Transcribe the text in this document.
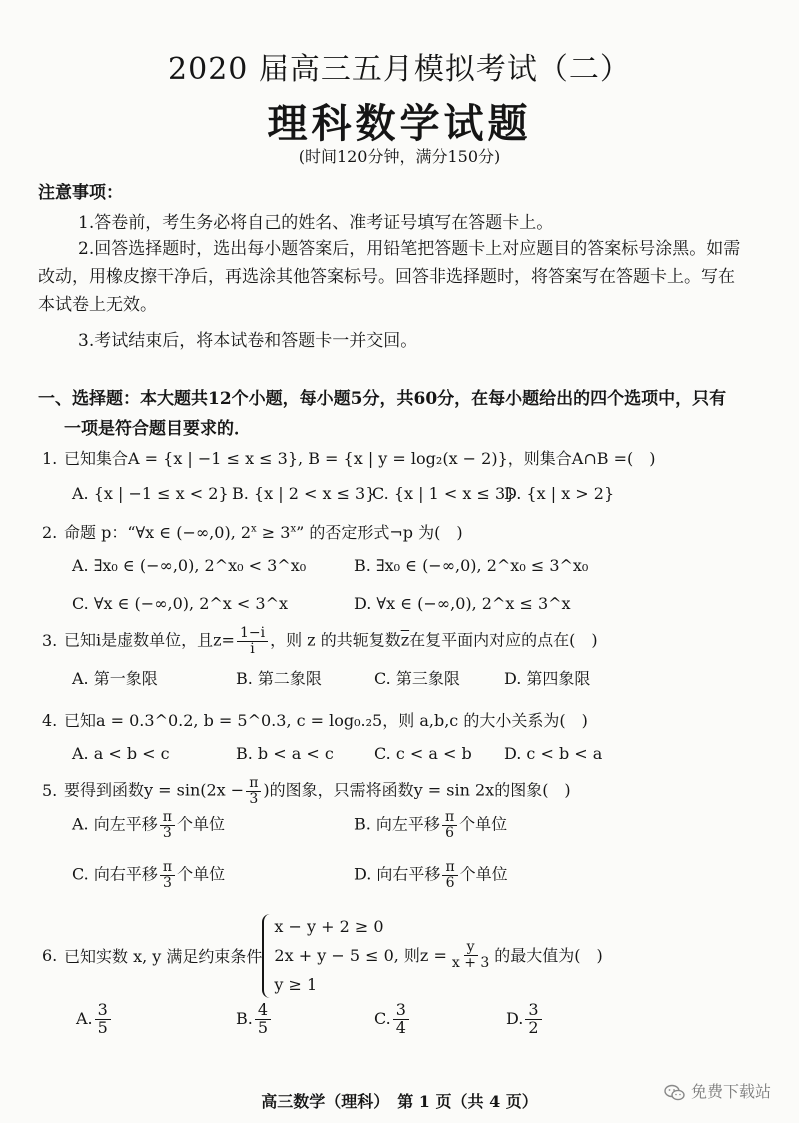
2020 届高三五月模拟考试（二）
理科数学试题
(时间120分钟，满分150分)
注意事项：
1.答卷前，考生务必将自己的姓名、准考证号填写在答题卡上。
2.回答选择题时，选出每小题答案后，用铅笔把答题卡上对应题目的答案标号涂黑。如需
改动，用橡皮擦干净后，再选涂其他答案标号。回答非选择题时，将答案写在答题卡上。写在
本试卷上无效。
3.考试结束后，将本试卷和答题卡一并交回。
一、选择题：本大题共12个小题，每小题5分，共60分，在每小题给出的四个选项中，只有
一项是符合题目要求的．
1. 已知集合A = {x | −1 ≤ x ≤ 3}, B = {x | y = log₂(x − 2)}，则集合A∩B =(　)
A. {x | −1 ≤ x < 2} B. {x | 2 < x ≤ 3}
C. {x | 1 < x ≤ 3}
D. {x | x > 2}
2. 命题 p：“∀x ∈ (−∞,0), $2^x \ge 3^x$” 的否定形式¬p 为(　)
A. ∃x₀ ∈ (−∞,0), 2^x₀ < 3^x₀	B. ∃x₀ ∈ (−∞,0), 2^x₀ ≤ 3^x₀
C. ∀x ∈ (−∞,0), 2^x < 3^x	D. ∀x ∈ (−∞,0), 2^x ≤ 3^x
3. 已知i是虚数单位，且$z= \frac{1-i}{i}$ ，则 z 的共轭复数$\overline{z}$在复平面内对应的点在(　)
A. 第一象限	B. 第二象限	C. 第三象限	D. 第四象限
4. 已知a = 0.3^0.2, b = 5^0.3, c = log₀.₂5，则 a,b,c 的大小关系为(　)
A. a < b < c	B. b < a < c	C. c < a < b D. c < b < a
5. 要得到函数$y = \sin(2x - \frac{\pi}{3}$ )的图象，只需将函数y = sin 2x的图象(　)
A. 向左平移 $\frac{\pi}{3}$ 个单位	B. 向左平移 $\frac{\pi}{6}$ 个单位
C. 向右平移 $\frac{\pi}{3}$ 个单位	D. 向右平移 $\frac{\pi}{6}$ 个单位
6. 已知实数 x, y 满足约束条件
x − y + 2 ≥ 0
2x + y − 5 ≤ 0, 则$z = \frac{y}{x + 3}$ 的最大值为(　)
y ≥ 1
A. $\frac{3}{5}$	B. $\frac{4}{5}$	C. $\frac{3}{4}$	D. $\frac{3}{2}$
高三数学（理科）　第 1 页（共 4 页）
免费下载站
